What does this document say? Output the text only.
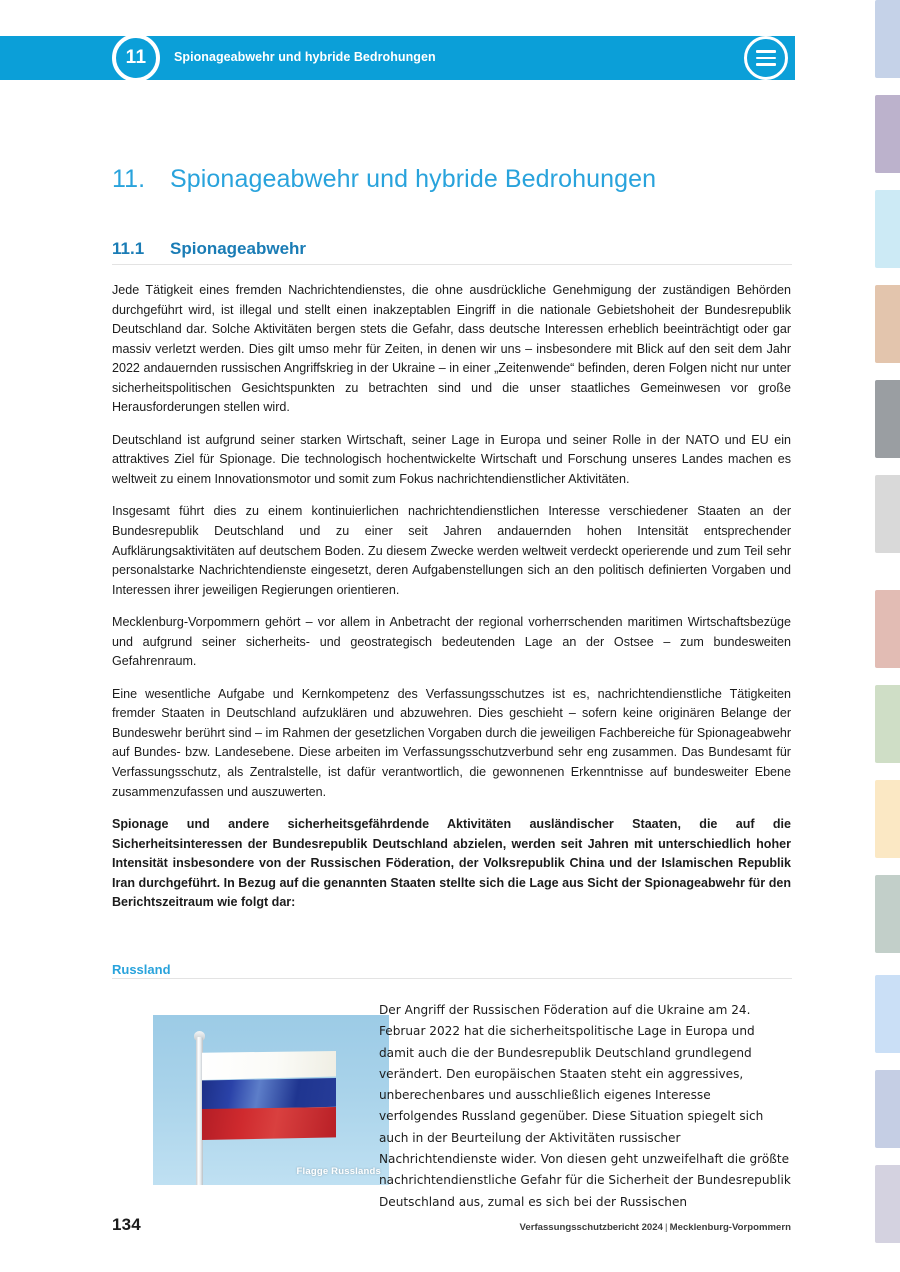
11 Spionageabwehr und hybride Bedrohungen
11. Spionageabwehr und hybride Bedrohungen
11.1	Spionageabwehr

Jede Tätigkeit eines fremden Nachrichtendienstes, die ohne ausdrückliche Genehmigung der zuständigen Behörden durchgeführt wird, ist illegal und stellt einen inakzeptablen Eingriff in die nationale Gebietshoheit der Bundesrepublik Deutschland dar. Solche Aktivitäten bergen stets die Gefahr, dass deutsche Interessen erheblich beeinträchtigt oder gar massiv verletzt werden. Dies gilt umso mehr für Zeiten, in denen wir uns – insbesondere mit Blick auf den seit dem Jahr 2022 andauernden russischen Angriffskrieg in der Ukraine – in einer „Zeitenwende“ befinden, deren Folgen nicht nur unter sicherheitspolitischen Gesichtspunkten zu betrachten sind und die unser staatliches Gemeinwesen vor große Herausforderungen stellen wird.

Deutschland ist aufgrund seiner starken Wirtschaft, seiner Lage in Europa und seiner Rolle in der NATO und EU ein attraktives Ziel für Spionage. Die technologisch hochentwickelte Wirtschaft und Forschung unseres Landes machen es weltweit zu einem Innovationsmotor und somit zum Fokus nachrichtendienstlicher Aktivitäten.

Insgesamt führt dies zu einem kontinuierlichen nachrichtendienstlichen Interesse verschiedener Staaten an der Bundesrepublik Deutschland und zu einer seit Jahren andauernden hohen Intensität entsprechender Aufklärungsaktivitäten auf deutschem Boden. Zu diesem Zwecke werden weltweit verdeckt operierende und zum Teil sehr personalstarke Nachrichtendienste eingesetzt, deren Aufgabenstellungen sich an den politisch definierten Vorgaben und Interessen ihrer jeweiligen Regierungen orientieren.

Mecklenburg-Vorpommern gehört – vor allem in Anbetracht der regional vorherrschenden maritimen Wirtschaftsbezüge und aufgrund seiner sicherheits- und geostrategisch bedeutenden Lage an der Ostsee – zum bundesweiten Gefahrenraum.

Eine wesentliche Aufgabe und Kernkompetenz des Verfassungsschutzes ist es, nachrichtendienstliche Tätigkeiten fremder Staaten in Deutschland aufzuklären und abzuwehren. Dies geschieht – sofern keine originären Belange der Bundeswehr berührt sind – im Rahmen der gesetzlichen Vorgaben durch die jeweiligen Fachbereiche für Spionageabwehr auf Bundes- bzw. Landesebene. Diese arbeiten im Verfassungsschutzverbund sehr eng zusammen. Das Bundesamt für Verfassungsschutz, als Zentralstelle, ist dafür verantwortlich, die gewonnenen Erkenntnisse auf bundesweiter Ebene zusammenzufassen und auszuwerten.

Spionage und andere sicherheitsgefährdende Aktivitäten ausländischer Staaten, die auf die Sicherheitsinteressen der Bundesrepublik Deutschland abzielen, werden seit Jahren mit unterschiedlich hoher Intensität insbesondere von der Russischen Föderation, der Volksrepublik China und der Islamischen Republik Iran durchgeführt. In Bezug auf die genannten Staaten stellte sich die Lage aus Sicht der Spionageabwehr für den Berichtszeitraum wie folgt dar:

Russland
Flagge Russlands

Der Angriff der Russischen Föderation auf die Ukraine am 24. Februar 2022 hat die sicherheitspolitische Lage in Europa und damit auch die der Bundesrepublik Deutschland grundlegend verändert. Den europäischen Staaten steht ein aggressives, unberechenbares und ausschließlich eigenes Interesse verfolgendes Russland gegenüber. Diese Situation spiegelt sich auch in der Beurteilung der Aktivitäten russischer Nachrichtendienste wider. Von diesen geht unzweifelhaft die größte nachrichtendienstliche Gefahr für die Sicherheit der Bundesrepublik Deutschland aus, zumal es sich bei der Russischen

134	Verfassungsschutzbericht 2024 | Mecklenburg-Vorpommern
